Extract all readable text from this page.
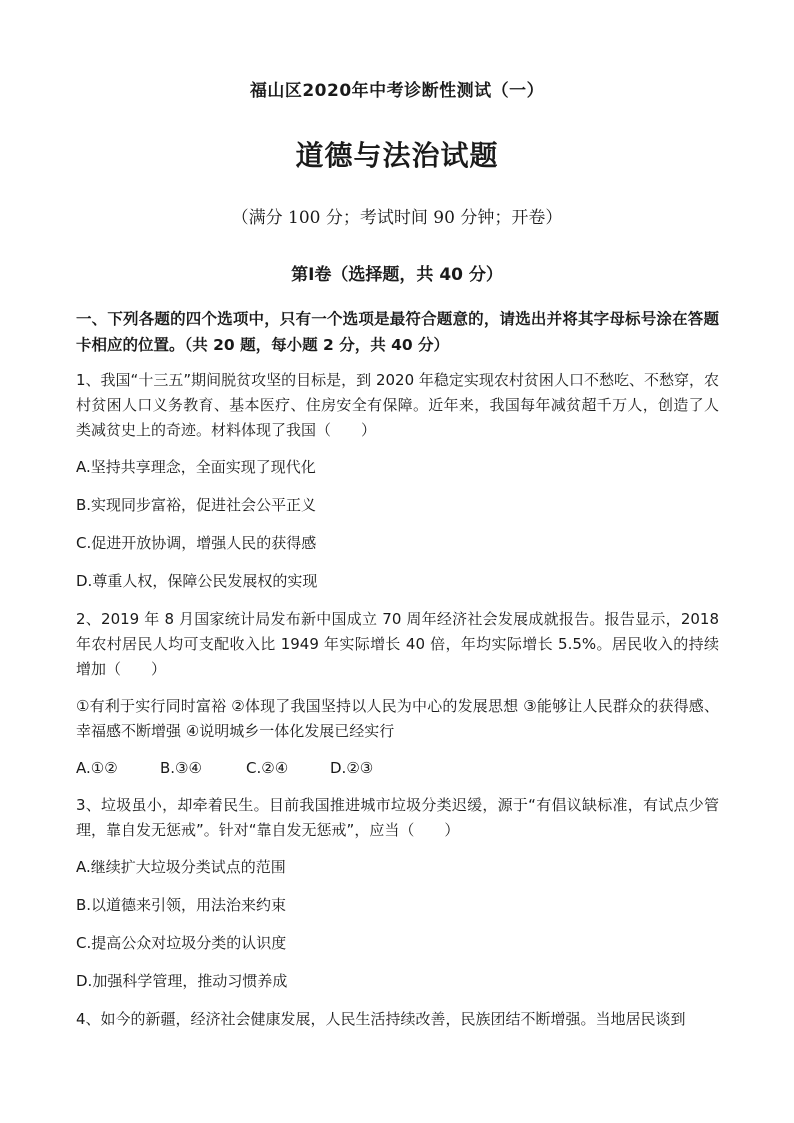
福山区2020年中考诊断性测试（一）
道德与法治试题
（满分 100 分；考试时间 90 分钟；开卷）
第Ⅰ卷（选择题，共 40 分）

一、下列各题的四个选项中，只有一个选项是最符合题意的，请选出并将其字母标号涂在答题卡相应的位置。（共 20 题，每小题 2 分，共 40 分）

1、我国“十三五”期间脱贫攻坚的目标是，到 2020 年稳定实现农村贫困人口不愁吃、不愁穿，农村贫困人口义务教育、基本医疗、住房安全有保障。近年来，我国每年减贫超千万人，创造了人类减贫史上的奇迹。材料体现了我国（　　）

A.坚持共享理念，全面实现了现代化

B.实现同步富裕，促进社会公平正义

C.促进开放协调，增强人民的获得感

D.尊重人权，保障公民发展权的实现

2、2019 年 8 月国家统计局发布新中国成立 70 周年经济社会发展成就报告。报告显示，2018 年农村居民人均可支配收入比 1949 年实际增长 40 倍，年均实际增长 5.5%。居民收入的持续增加（　　）

①有利于实行同时富裕 ②体现了我国坚持以人民为中心的发展思想 ③能够让人民群众的获得感、幸福感不断增强 ④说明城乡一体化发展已经实行

A.①②	B.③④	C.②④	D.②③

3、垃圾虽小，却牵着民生。目前我国推进城市垃圾分类迟缓，源于“有倡议缺标准，有试点少管理，靠自发无惩戒”。针对“靠自发无惩戒”，应当（　　）

A.继续扩大垃圾分类试点的范围

B.以道德来引领，用法治来约束

C.提高公众对垃圾分类的认识度

D.加强科学管理，推动习惯养成

4、如今的新疆，经济社会健康发展，人民生活持续改善，民族团结不断增强。当地居民谈到
